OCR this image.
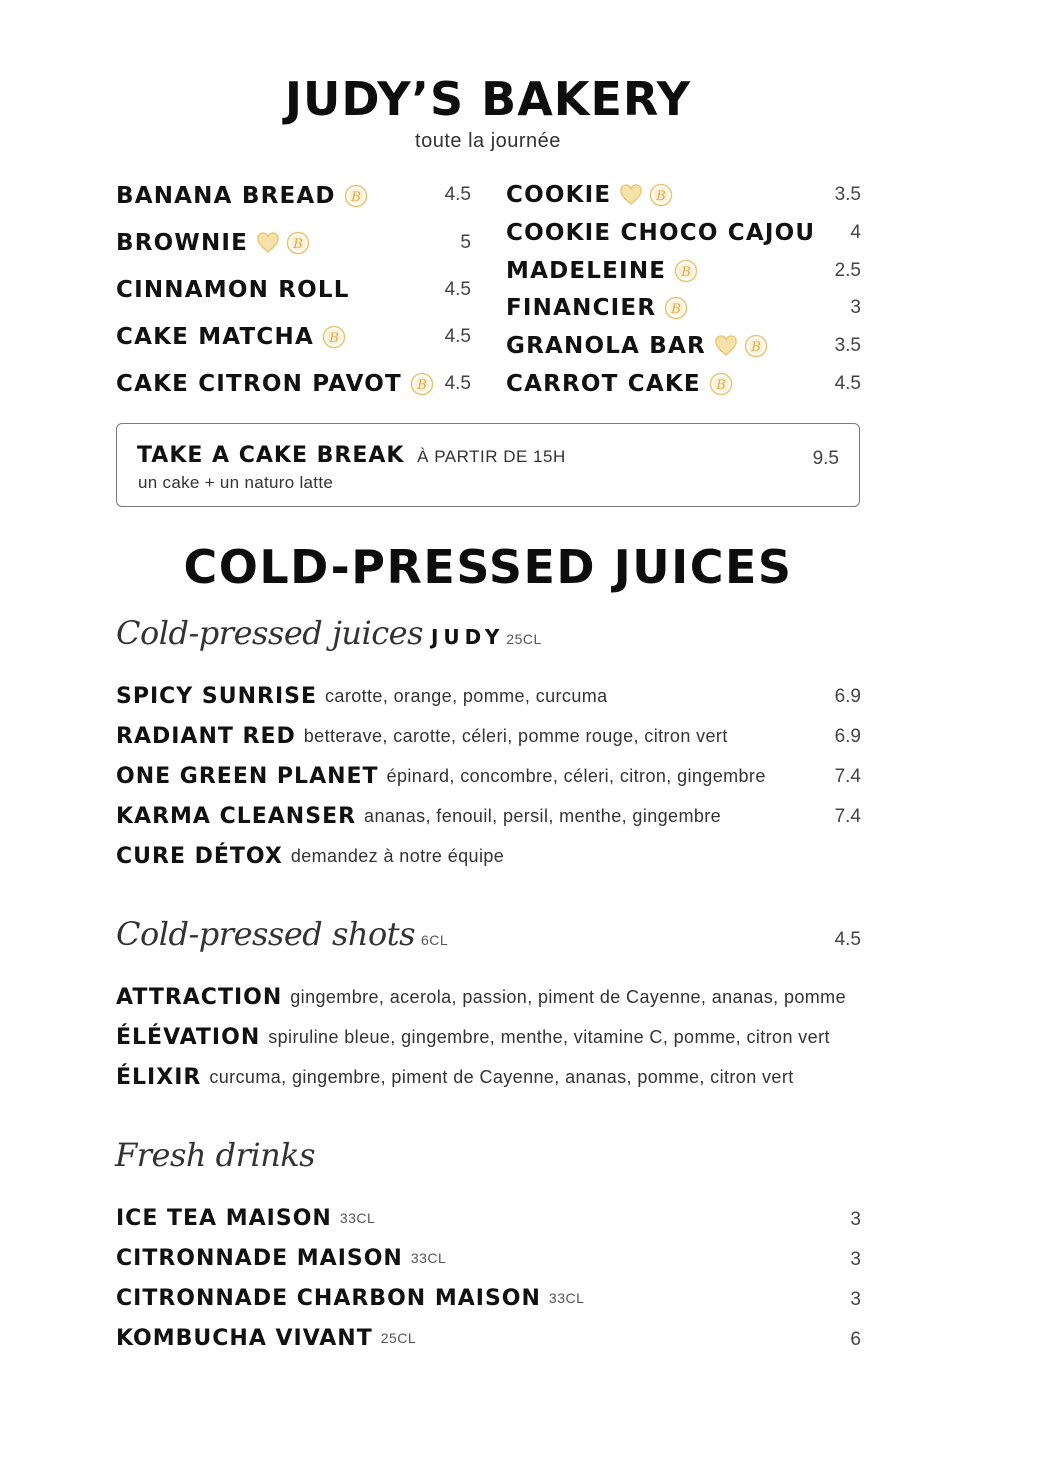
JUDY’S BAKERY
toute la journée
BANANA BREAD B	4.5
BROWNIE	B	5
CINNAMON ROLL	4.5
CAKE MATCHA B	4.5
CAKE CITRON PAVOT B 4.5
COOKIE	B	3.5
COOKIE CHOCO CAJOU	4
MADELEINE B	2.5
FINANCIER B	3
GRANOLA BAR	B	3.5
CARROT CAKE B	4.5
TAKE A CAKE BREAK À PARTIR DE 15H
un cake + un naturo latte
9.5
COLD-PRESSED JUICES
Cold-pressed juices JUDY 25CL
SPICY SUNRISE carotte, orange, pomme, curcuma	6.9
RADIANT RED betterave, carotte, céleri, pomme rouge, citron vert	6.9
ONE GREEN PLANET épinard, concombre, céleri, citron, gingembre	7.4
KARMA CLEANSER ananas, fenouil, persil, menthe, gingembre	7.4
CURE DÉTOX demandez à notre équipe
Cold-pressed shots 6CL	4.5
ATTRACTION gingembre, acerola, passion, piment de Cayenne, ananas, pomme
ÉLÉVATION spiruline bleue, gingembre, menthe, vitamine C, pomme, citron vert
ÉLIXIR curcuma, gingembre, piment de Cayenne, ananas, pomme, citron vert
Fresh drinks
ICE TEA MAISON 33CL	3
CITRONNADE MAISON 33CL	3
CITRONNADE CHARBON MAISON 33CL	3
KOMBUCHA VIVANT 25CL	6
